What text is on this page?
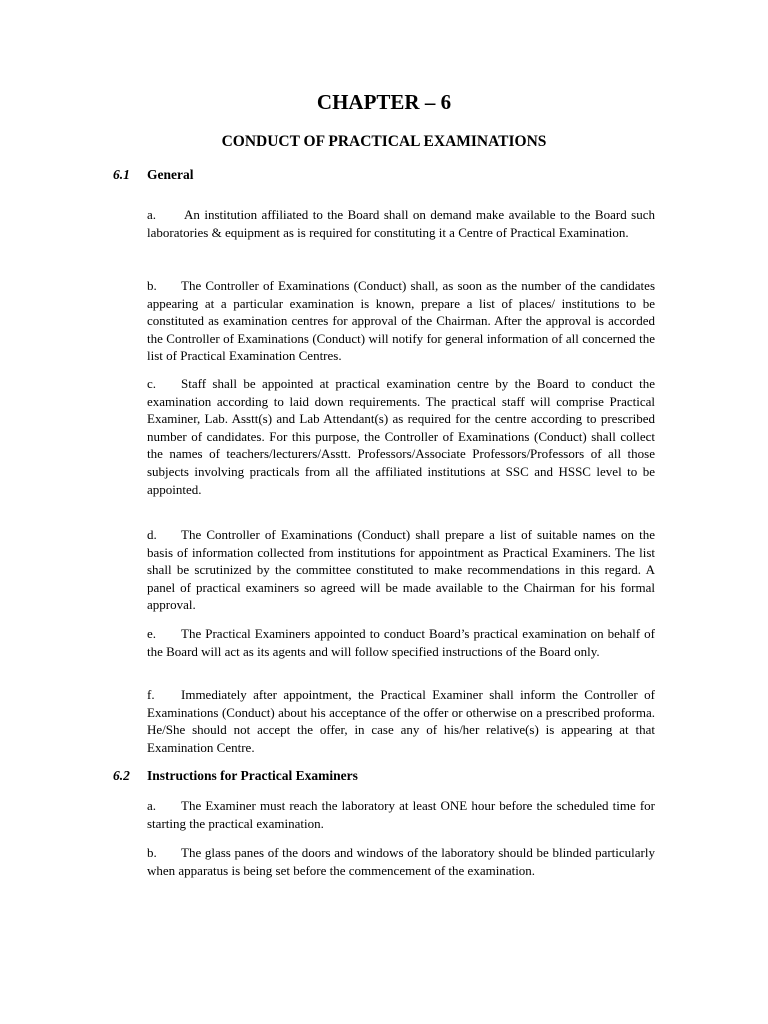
CHAPTER – 6
CONDUCT OF PRACTICAL EXAMINATIONS
6.1 General

a. An institution affiliated to the Board shall on demand make available to the Board such laboratories & equipment as is required for constituting it a Centre of Practical Examination.

b. The Controller of Examinations (Conduct) shall, as soon as the number of the candidates appearing at a particular examination is known, prepare a list of places/ institutions to be constituted as examination centres for approval of the Chairman. After the approval is accorded the Controller of Examinations (Conduct) will notify for general information of all concerned the list of Practical Examination Centres.

c. Staff shall be appointed at practical examination centre by the Board to conduct the examination according to laid down requirements. The practical staff will comprise Practical Examiner, Lab. Asstt(s) and Lab Attendant(s) as required for the centre according to prescribed number of candidates. For this purpose, the Controller of Examinations (Conduct) shall collect the names of teachers/lecturers/Asstt. Professors/Associate Professors/Professors of all those subjects involving practicals from all the affiliated institutions at SSC and HSSC level to be appointed.

d. The Controller of Examinations (Conduct) shall prepare a list of suitable names on the basis of information collected from institutions for appointment as Practical Examiners. The list shall be scrutinized by the committee constituted to make recommendations in this regard. A panel of practical examiners so agreed will be made available to the Chairman for his formal approval.

e. The Practical Examiners appointed to conduct Board’s practical examination on behalf of the Board will act as its agents and will follow specified instructions of the Board only.

f. Immediately after appointment, the Practical Examiner shall inform the Controller of Examinations (Conduct) about his acceptance of the offer or otherwise on a prescribed proforma. He/She should not accept the offer, in case any of his/her relative(s) is appearing at that Examination Centre.

6.2 Instructions for Practical Examiners

a. The Examiner must reach the laboratory at least ONE hour before the scheduled time for starting the practical examination.

b. The glass panes of the doors and windows of the laboratory should be blinded particularly when apparatus is being set before the commencement of the examination.
